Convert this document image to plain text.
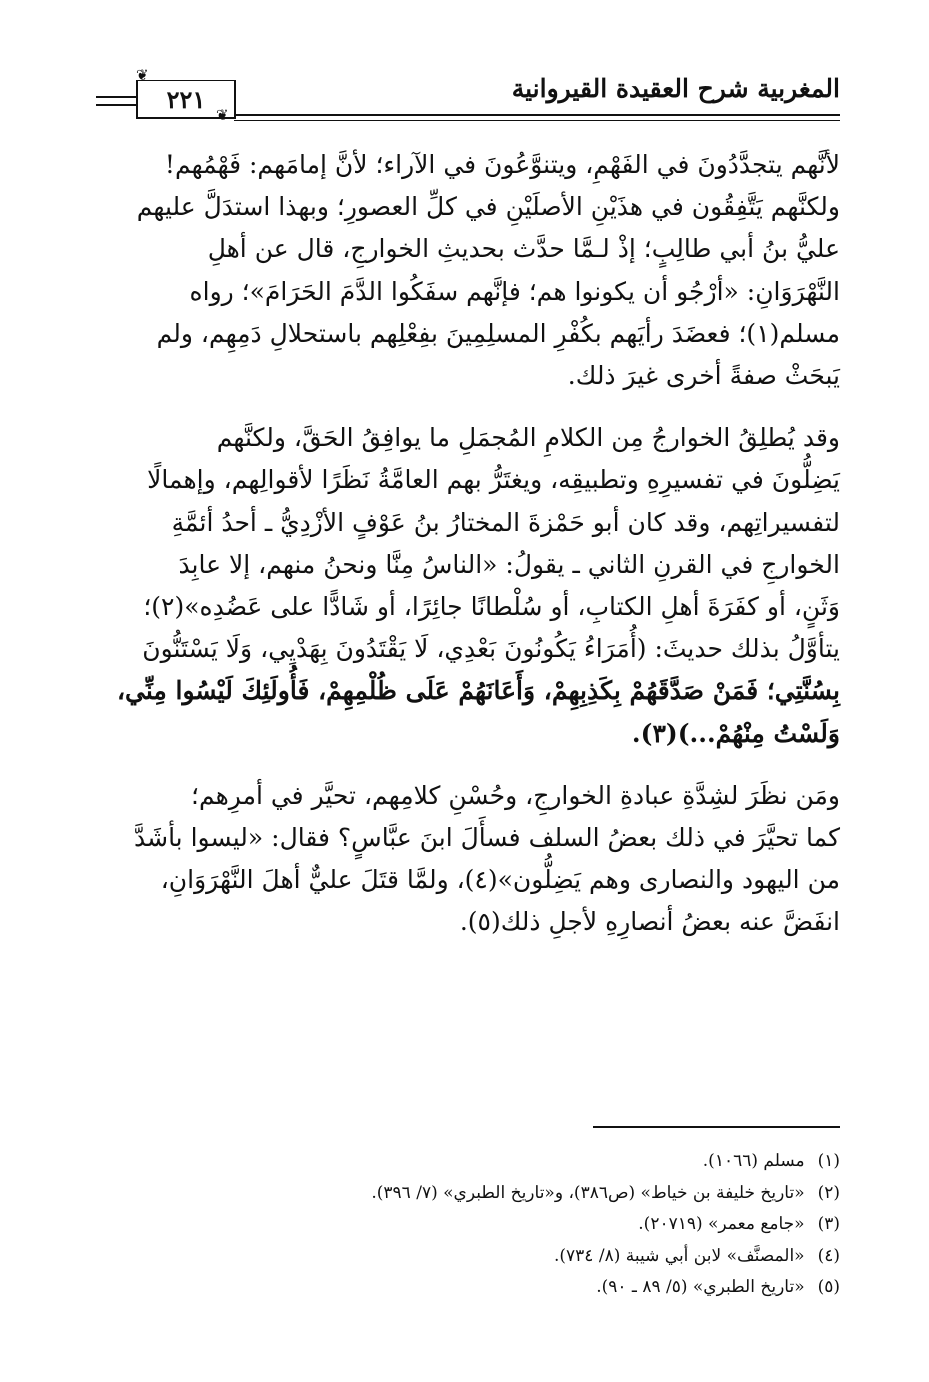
❦
٢٢١
❦
المغربية شرح العقيدة القيروانية

لأنَّهم يتجدَّدُونَ في الفَهْمِ، ويتنوَّعُونَ في الآراء؛ لأنَّ إمامَهم: فَهْمُهم!
ولكنَّهم يَتَّفِقُون في هذَيْنِ الأصلَيْنِ في كلِّ العصورِ؛ وبهذا استدَلَّ عليهم
عليُّ بنُ أبي طالِبٍ؛ إذْ لـمَّا حدَّث بحديثِ الخوارجِ، قال عن أهلِ
النَّهْرَوَانِ: «أرْجُو أن يكونوا هم؛ فإنَّهم سفَكُوا الدَّمَ الحَرَامَ»؛ رواه
مسلم(١)؛ فعضَدَ رأيَهم بكُفْرِ المسلِمِينَ بفِعْلِهم باستحلالِ دَمِهِم، ولم
يَبحَثْ صفةً أخرى غيرَ ذلك.

وقد يُطلِقُ الخوارجُ مِن الكلامِ المُجمَلِ ما يوافِقُ الحَقَّ، ولكنَّهم
يَضِلُّونَ في تفسيرِهِ وتطبيقِه، ويغتَرُّ بهم العامَّةُ نَظَرًا لأقوالِهم، وإهمالًا
لتفسيراتِهم، وقد كان أبو حَمْزةَ المختارُ بنُ عَوْفٍ الأزْدِيُّ ـ أحدُ أئمَّةِ
الخوارجِ في القرنِ الثاني ـ يقولُ: «الناسُ مِنَّا ونحنُ منهم، إلا عابِدَ
وَثَنٍ، أو كفَرَةَ أهلِ الكتابِ، أو سُلْطانًا جائِرًا، أو شَادًّا على عَضُدِه»(٢)؛
يتأوَّلُ بذلك حديثَ: (أُمَرَاءُ يَكُونُونَ بَعْدِي، لَا يَقْتَدُونَ بِهَدْيِي، وَلَا يَسْتَنُّونَ
بِسُنَّتِي؛ فَمَنْ صَدَّقَهُمْ بِكَذِبِهِمْ، وَأَعَانَهُمْ عَلَى ظُلْمِهِمْ، فَأُولَئِكَ لَيْسُوا مِنِّي،
وَلَسْتُ مِنْهُمْ...)(٣).

ومَن نظَرَ لشِدَّةِ عبادةِ الخوارجِ، وحُسْنِ كلامِهم، تحيَّر في أمرِهم؛
كما تحيَّرَ في ذلك بعضُ السلف فسأَلَ ابنَ عبَّاسٍ؟ فقال: «ليسوا بأشَدَّ
من اليهود والنصارى وهم يَضِلُّون»(٤)، ولمَّا قتَلَ عليٌّ أهلَ النَّهْرَوَانِ،
انفَضَّ عنه بعضُ أنصارِهِ لأجلِ ذلك(٥).

(١) مسلم (١٠٦٦).
(٢) «تاريخ خليفة بن خياط» (ص٣٨٦)، و«تاريخ الطبري» (٧/ ٣٩٦).
(٣) «جامع معمر» (٢٠٧١٩).
(٤) «المصنَّف» لابن أبي شيبة (٨/ ٧٣٤).
(٥) «تاريخ الطبري» (٥/ ٨٩ ـ ٩٠).
